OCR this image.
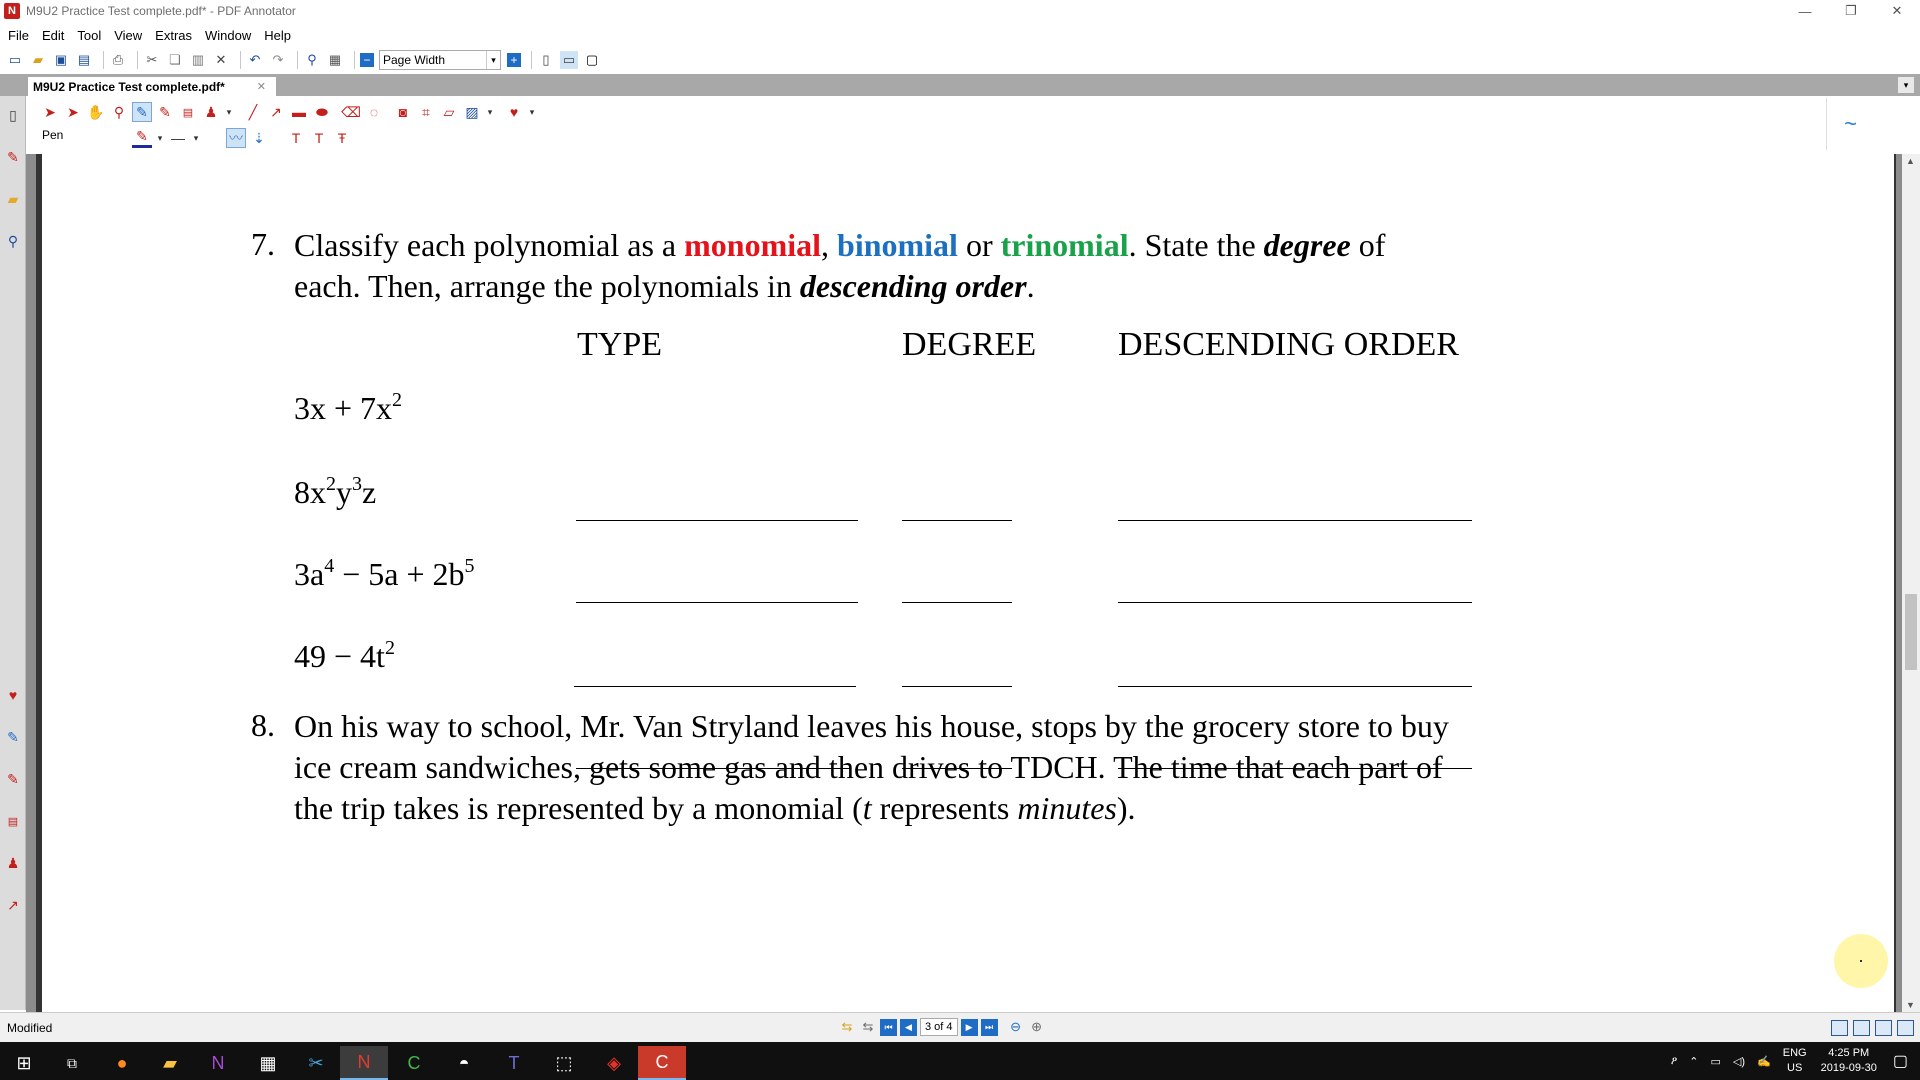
N M9U2 Practice Test complete.pdf* - PDF Annotator	—	❐	✕
File Edit Tool View Extras Window Help
▭ ▰ ▣ ▤ ⎙ ✂ ❏ ▥ ✕ ↶ ↷	⚲ ▦ − Page Width	▾	+	▯	▭ ▢
M9U2 Practice Test complete.pdf*	✕	▾
▯
✎
▰
⚲
♥
✎
✎
▤
♟
↗
➤ ➤ ✋ ⚲ ✎ ✎	▤ ♟	▾	╱ ↗ ▬ ⬬ ⌫ ◌	◙	⌗ ▱ ▨	▾	♥	▾
Pen	✎	▾ — ▾ 〰 ⇣	T	T	Ŧ
~
7. Classify each polynomial as a monomial, binomial or trinomial. State the degree of
each. Then, arrange the polynomials in descending order.
TYPE	DEGREE DESCENDING ORDER
$3x + 7x^2$
$8x^2y^3z$
$3a^4 - 5a + 2b^5$
$49 - 4t^2$
8. On his way to school, Mr. Van Stryland leaves his house, stops by the grocery store to buy
ice cream sandwiches, gets some gas and then drives to TDCH. The time that each part of
the trip takes is represented by a monomial (t represents minutes).
▲
▼
Modified	⇆ ⇆	⏮	◀	3 of 4	▶	⏭	⊖ ⊕
⊞	⧉	●	▰	N	▦	✂	N	C	◓	T	⬚	◈	C	ዖ ⌃ ▭ ◁) ✍
ENG
US
4:25 PM
2019-09-30 ▢
